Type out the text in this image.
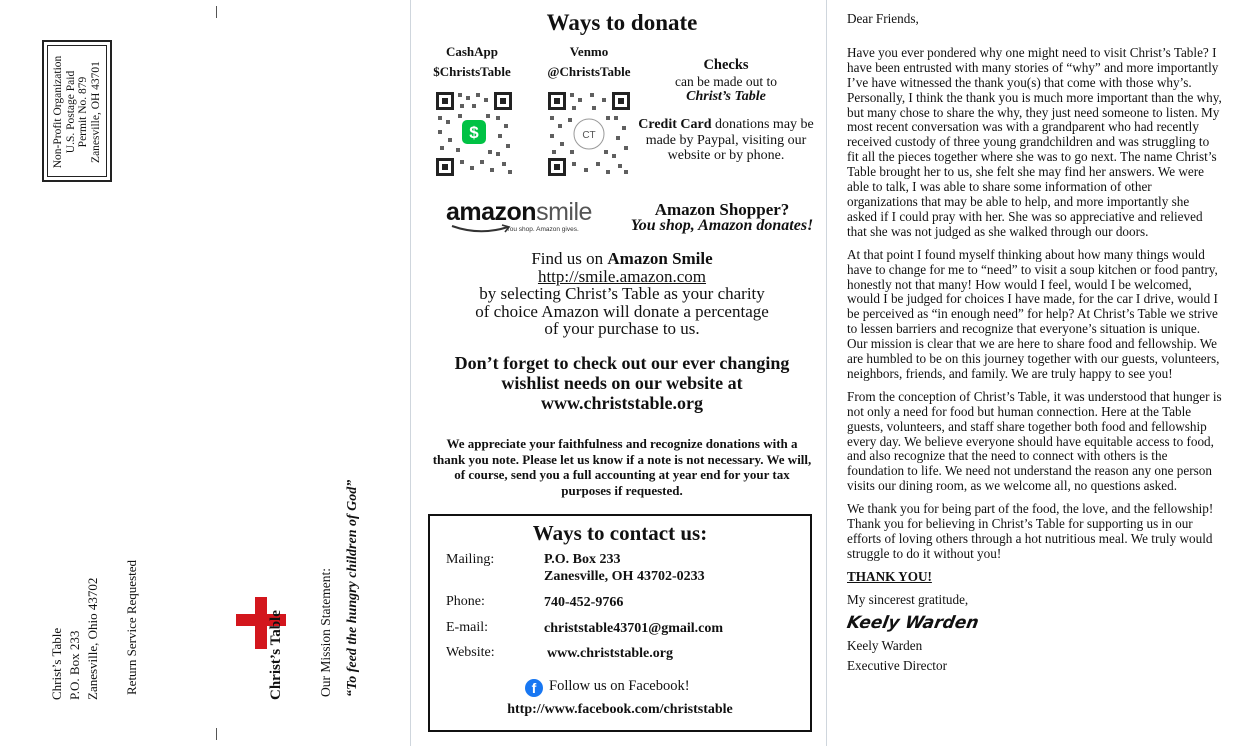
Non-Profit Organization U.S. Postage Paid Permit No. 879 Zanesville, OH 43701
Christ’s Table P.O. Box 233 Zanesville, Ohio 43702 Return Service Requested	Christ’s Table	Our Mission Statement: “To feed the hungry children of God”
Ways to donate
CashApp
$ChristsTable
$
Venmo
@ChristsTable
CT
Checks
can be made out to
Christ’s Table
Credit Card donations may be made by Paypal, visiting our website or by phone.
amazonsmile
You shop. Amazon gives.
Amazon Shopper?
You shop, Amazon donates!
Find us on Amazon Smile
http://smile.amazon.com
by selecting Christ’s Table as your charity of choice Amazon will donate a percentage of your purchase to us.
Don’t forget to check out our ever changing wishlist needs on our website at www.christstable.org
We appreciate your faithfulness and recognize donations with a thank you note. Please let us know if a note is not necessary. We will, of course, send you a full accounting at year end for your tax purposes if requested.
Ways to contact us:
Mailing:	P.O. Box 233
Zanesville, OH 43702-0233
Phone:	740-452-9766
E-mail:	christstable43701@gmail.com
Website:	www.christstable.org
f Follow us on Facebook!
http://www.facebook.com/christstable

Dear Friends,

Have you ever pondered why one might need to visit Christ’s Table? I have been entrusted with many stories of “why” and more importantly I’ve have witnessed the thank you(s) that come with those why’s. Personally, I think the thank you is much more important than the why, but many chose to share the why, they just need someone to listen. My most recent conversation was with a grandparent who had recently received custody of three young grandchildren and was struggling to fit all the pieces together where she was to go next. The name Christ’s Table brought her to us, she felt she may find her answers. We were able to talk, I was able to share some information of other organizations that may be able to help, and more importantly she asked if I could pray with her. She was so appreciative and relieved that she was not judged as she walked through our doors.

At that point I found myself thinking about how many things would have to change for me to “need” to visit a soup kitchen or food pantry, honestly not that many! How would I feel, would I be welcomed, would I be judged for choices I have made, for the car I drive, would I be perceived as “in enough need” for help? At Christ’s Table we strive to lessen barriers and recognize that everyone’s situation is unique. Our mission is clear that we are here to share food and fellowship. We are humbled to be on this journey together with our guests, volunteers, neighbors, friends, and family. We are truly happy to see you!

From the conception of Christ’s Table, it was understood that hunger is not only a need for food but human connection. Here at the Table guests, volunteers, and staff share together both food and fellowship every day. We believe everyone should have equitable access to food, and also recognize that the need to connect with others is the foundation to life. We need not understand the reason any one person visits our dining room, as we welcome all, no questions asked.

We thank you for being part of the food, the love, and the fellowship! Thank you for believing in Christ’s Table for supporting us in our efforts of loving others through a hot nutritious meal. We truly would struggle to do it without you!

THANK YOU!

My sincerest gratitude,

Keely Warden
Keely Warden
Executive Director
